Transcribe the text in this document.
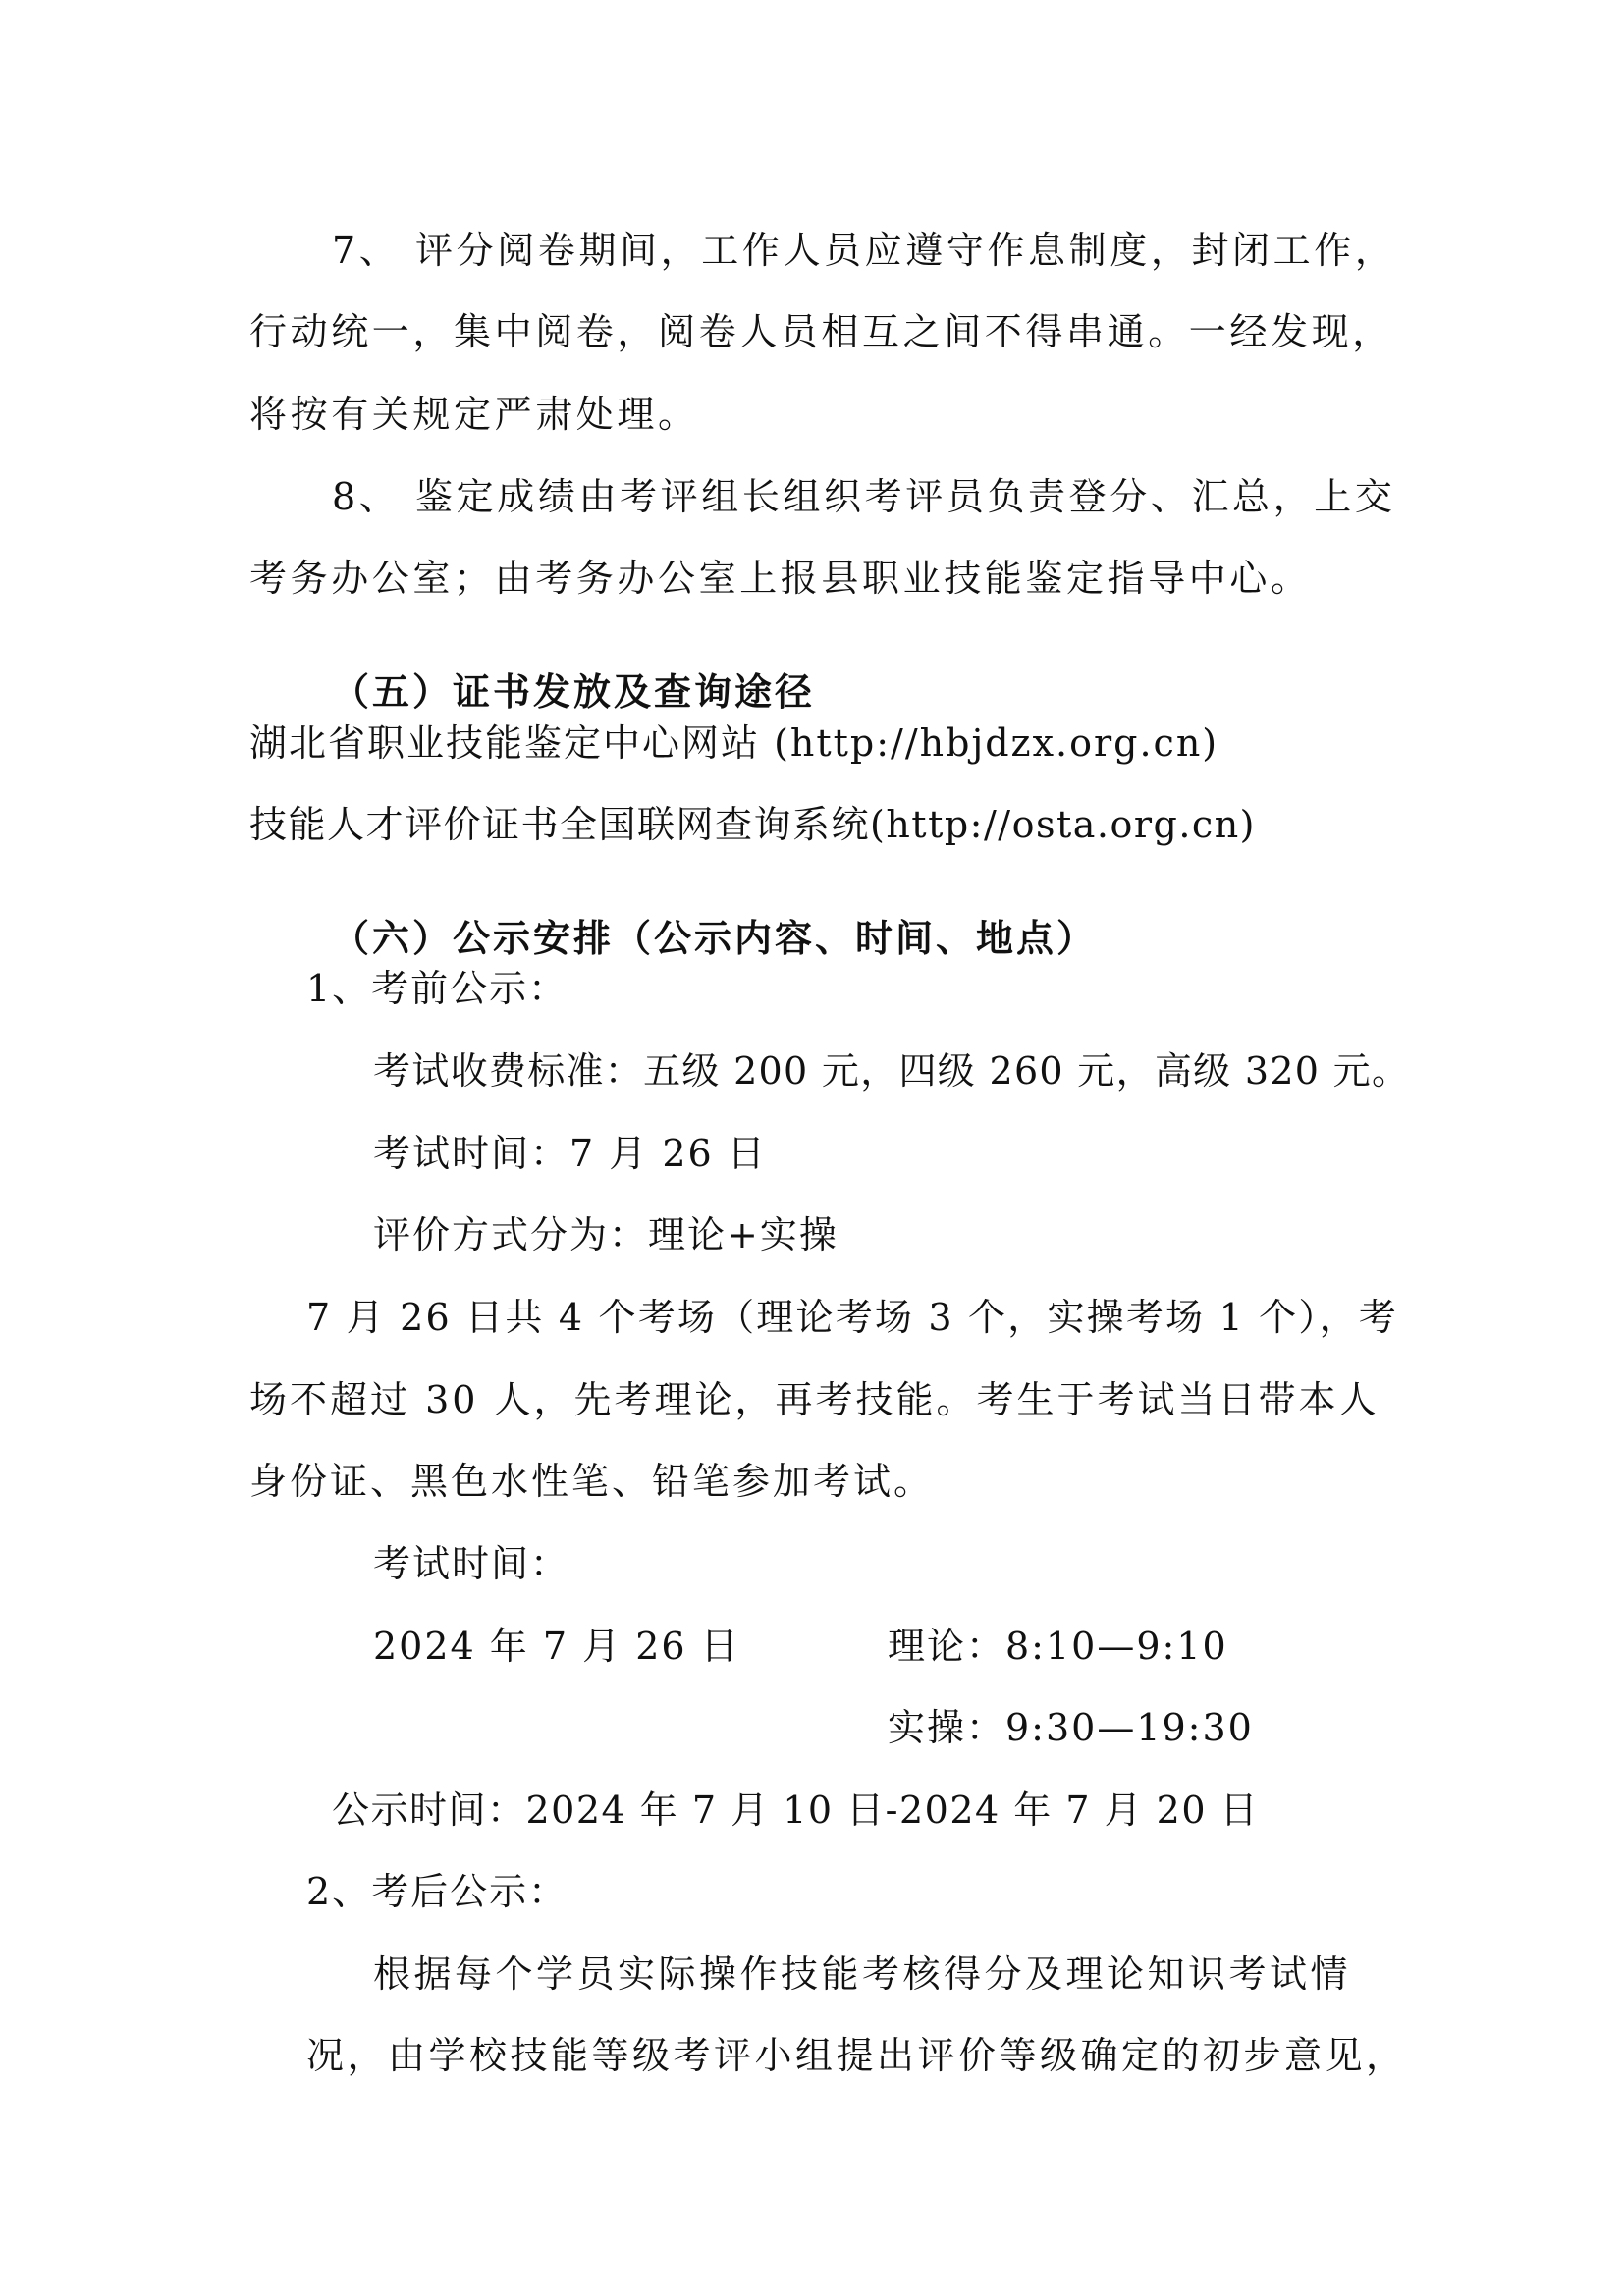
7、 评分阅卷期间，工作人员应遵守作息制度，封闭工作，
行动统一，集中阅卷，阅卷人员相互之间不得串通。一经发现，
将按有关规定严肃处理。
8、 鉴定成绩由考评组长组织考评员负责登分、汇总，上交
考务办公室；由考务办公室上报县职业技能鉴定指导中心。
（五）证书发放及查询途径
湖北省职业技能鉴定中心网站 (http://hbjdzx.org.cn)
技能人才评价证书全国联网查询系统(http://osta.org.cn)
（六）公示安排（公示内容、时间、地点）
1、考前公示：
考试收费标准：五级 200 元，四级 260 元，高级 320 元。
考试时间：7 月 26 日
评价方式分为：理论+实操
7 月 26 日共 4 个考场（理论考场 3 个，实操考场 1 个），考
场不超过 30 人，先考理论，再考技能。考生于考试当日带本人
身份证、黑色水性笔、铅笔参加考试。
考试时间：
2024 年 7 月 26 日	理论：8:10—9:10
实操：9:30—19:30
公示时间：2024 年 7 月 10 日-2024 年 7 月 20 日
2、考后公示：
根据每个学员实际操作技能考核得分及理论知识考试情
况，由学校技能等级考评小组提出评价等级确定的初步意见，
